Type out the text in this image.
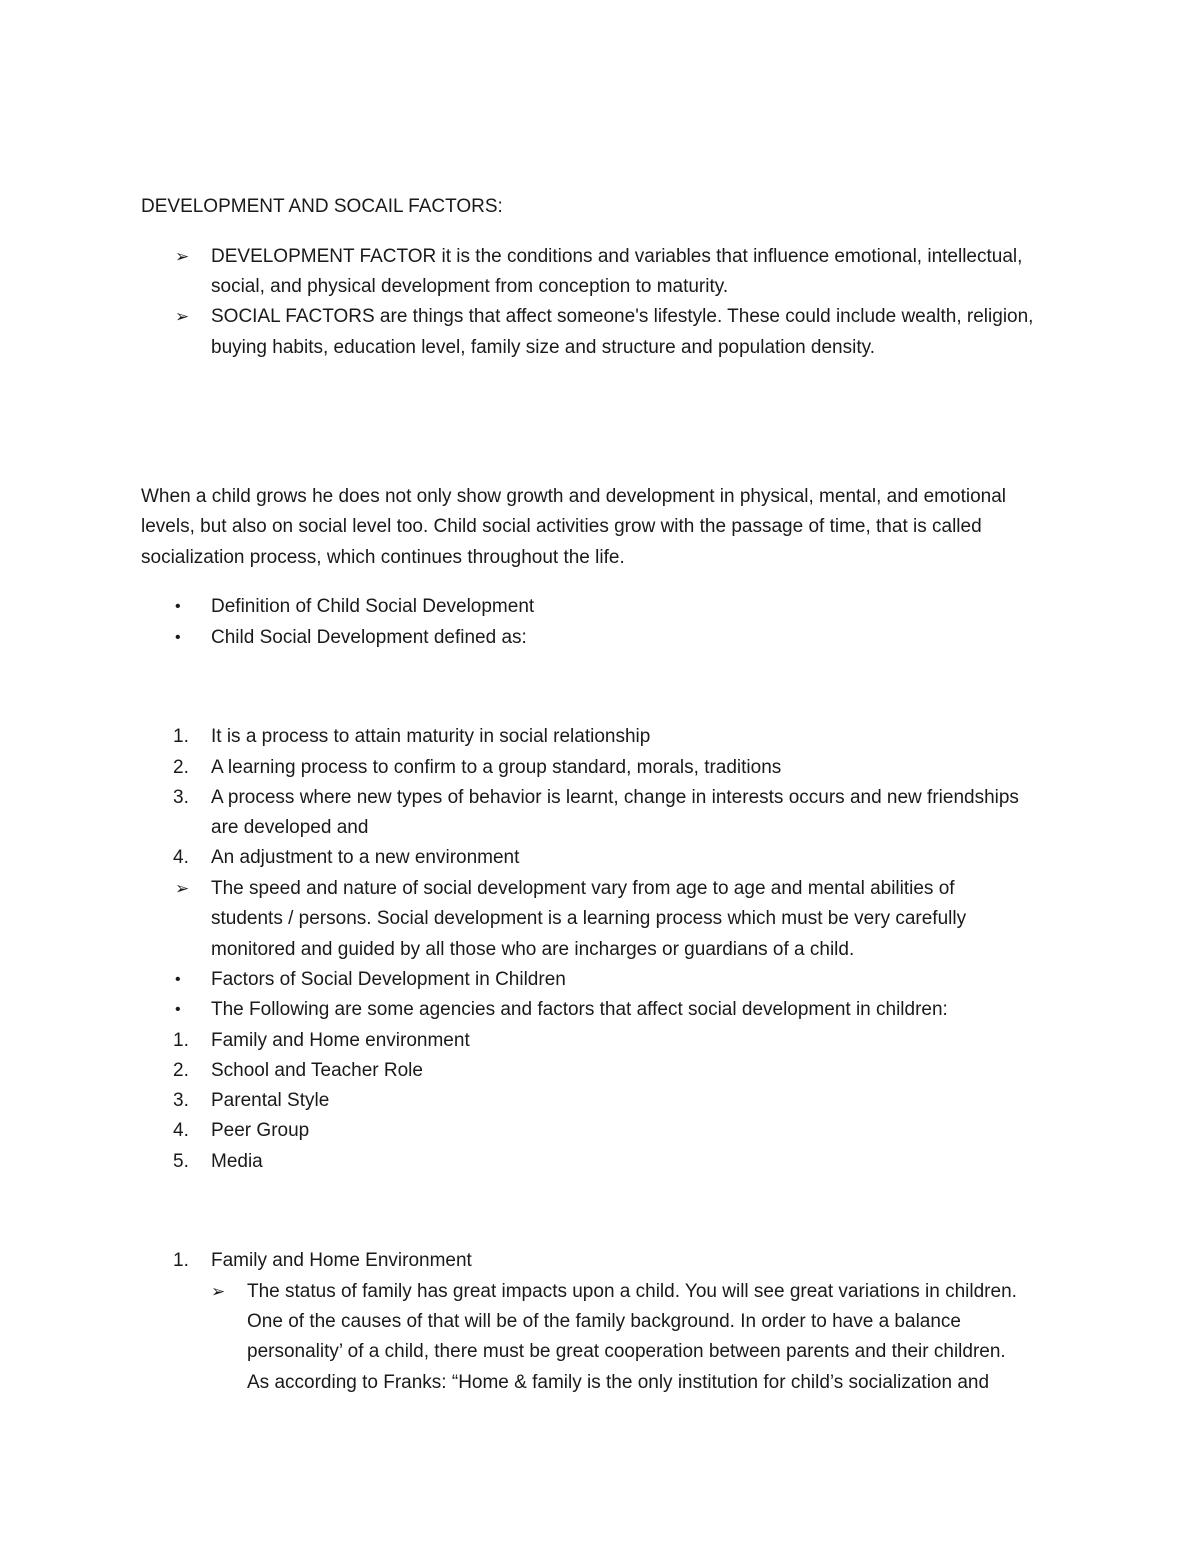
DEVELOPMENT AND SOCAIL FACTORS:
➢ DEVELOPMENT FACTOR it is the conditions and variables that influence emotional, intellectual,
social, and physical development from conception to maturity.
➢ SOCIAL FACTORS are things that affect someone's lifestyle. These could include wealth, religion,
buying habits, education level, family size and structure and population density.
When a child grows he does not only show growth and development in physical, mental, and emotional
levels, but also on social level too. Child social activities grow with the passage of time, that is called
socialization process, which continues throughout the life.
• Definition of Child Social Development
• Child Social Development defined as:
1. It is a process to attain maturity in social relationship
2. A learning process to confirm to a group standard, morals, traditions
3. A process where new types of behavior is learnt, change in interests occurs and new friendships
are developed and
4. An adjustment to a new environment
➢ The speed and nature of social development vary from age to age and mental abilities of
students / persons. Social development is a learning process which must be very carefully
monitored and guided by all those who are incharges or guardians of a child.
• Factors of Social Development in Children
• The Following are some agencies and factors that affect social development in children:
1. Family and Home environment
2. School and Teacher Role
3. Parental Style
4. Peer Group
5. Media
1. Family and Home Environment
➢ The status of family has great impacts upon a child. You will see great variations in children.
One of the causes of that will be of the family background. In order to have a balance
personality’ of a child, there must be great cooperation between parents and their children.
As according to Franks: “Home & family is the only institution for child’s socialization and
